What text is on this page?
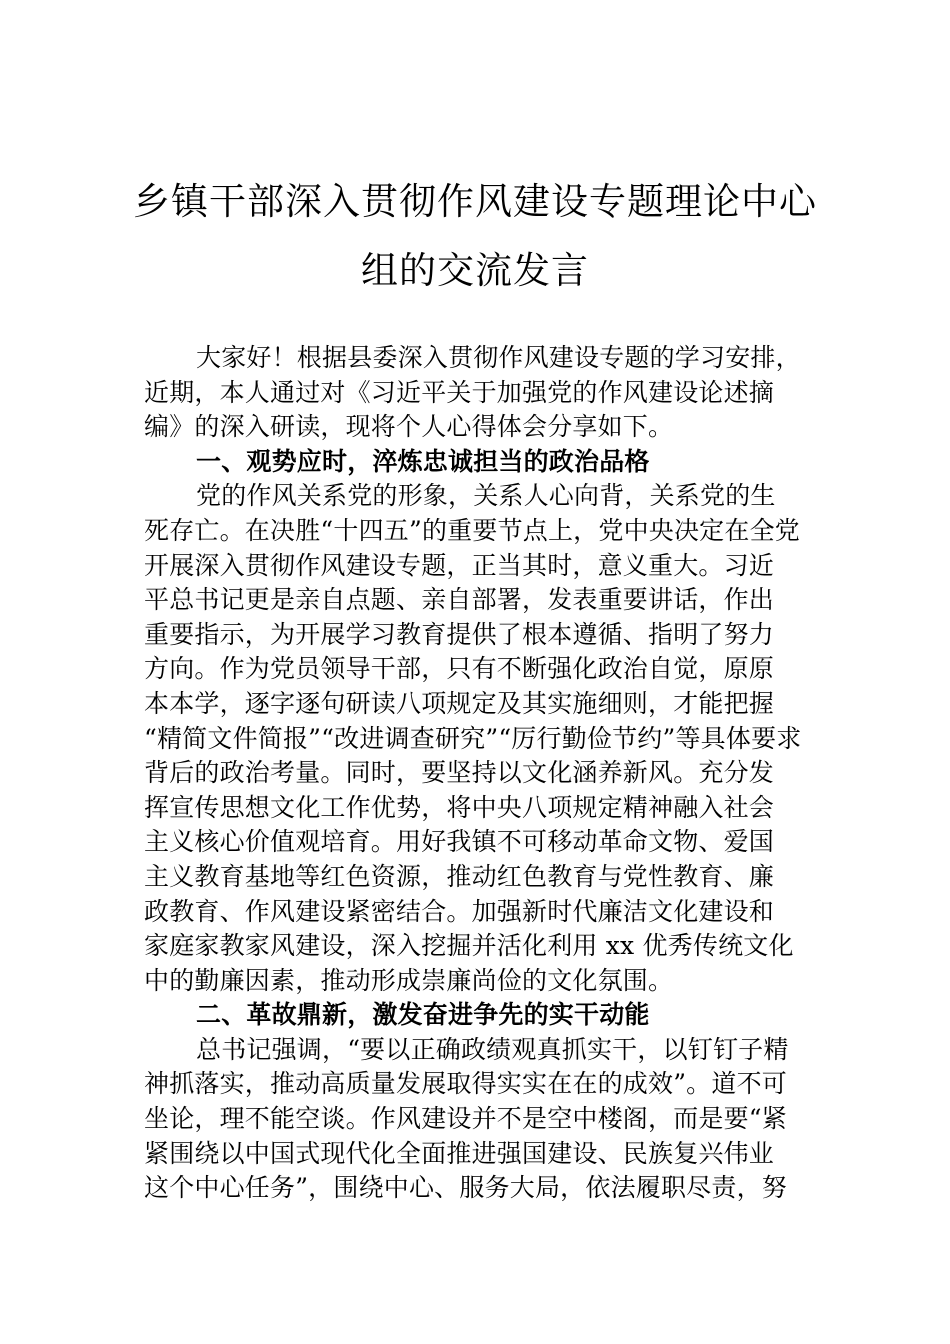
乡镇干部深入贯彻作风建设专题理论中心
组的交流发言
大家好！根据县委深入贯彻作风建设专题的学习安排，
近期，本人通过对《习近平关于加强党的作风建设论述摘
编》的深入研读，现将个人心得体会分享如下。
一、观势应时，淬炼忠诚担当的政治品格
党的作风关系党的形象，关系人心向背，关系党的生
死存亡。在决胜“十四五”的重要节点上，党中央决定在全党
开展深入贯彻作风建设专题，正当其时，意义重大。习近
平总书记更是亲自点题、亲自部署，发表重要讲话，作出
重要指示，为开展学习教育提供了根本遵循、指明了努力
方向。作为党员领导干部，只有不断强化政治自觉，原原
本本学，逐字逐句研读八项规定及其实施细则，才能把握
“精简文件简报”“改进调查研究”“厉行勤俭节约”等具体要求
背后的政治考量。同时，要坚持以文化涵养新风。充分发
挥宣传思想文化工作优势，将中央八项规定精神融入社会
主义核心价值观培育。用好我镇不可移动革命文物、爱国
主义教育基地等红色资源，推动红色教育与党性教育、廉
政教育、作风建设紧密结合。加强新时代廉洁文化建设和
家庭家教家风建设，深入挖掘并活化利用 xx 优秀传统文化
中的勤廉因素，推动形成崇廉尚俭的文化氛围。
二、革故鼎新，激发奋进争先的实干动能
总书记强调，“要以正确政绩观真抓实干，以钉钉子精
神抓落实，推动高质量发展取得实实在在的成效”。道不可
坐论，理不能空谈。作风建设并不是空中楼阁，而是要“紧
紧围绕以中国式现代化全面推进强国建设、民族复兴伟业
这个中心任务”，围绕中心、服务大局，依法履职尽责，努
